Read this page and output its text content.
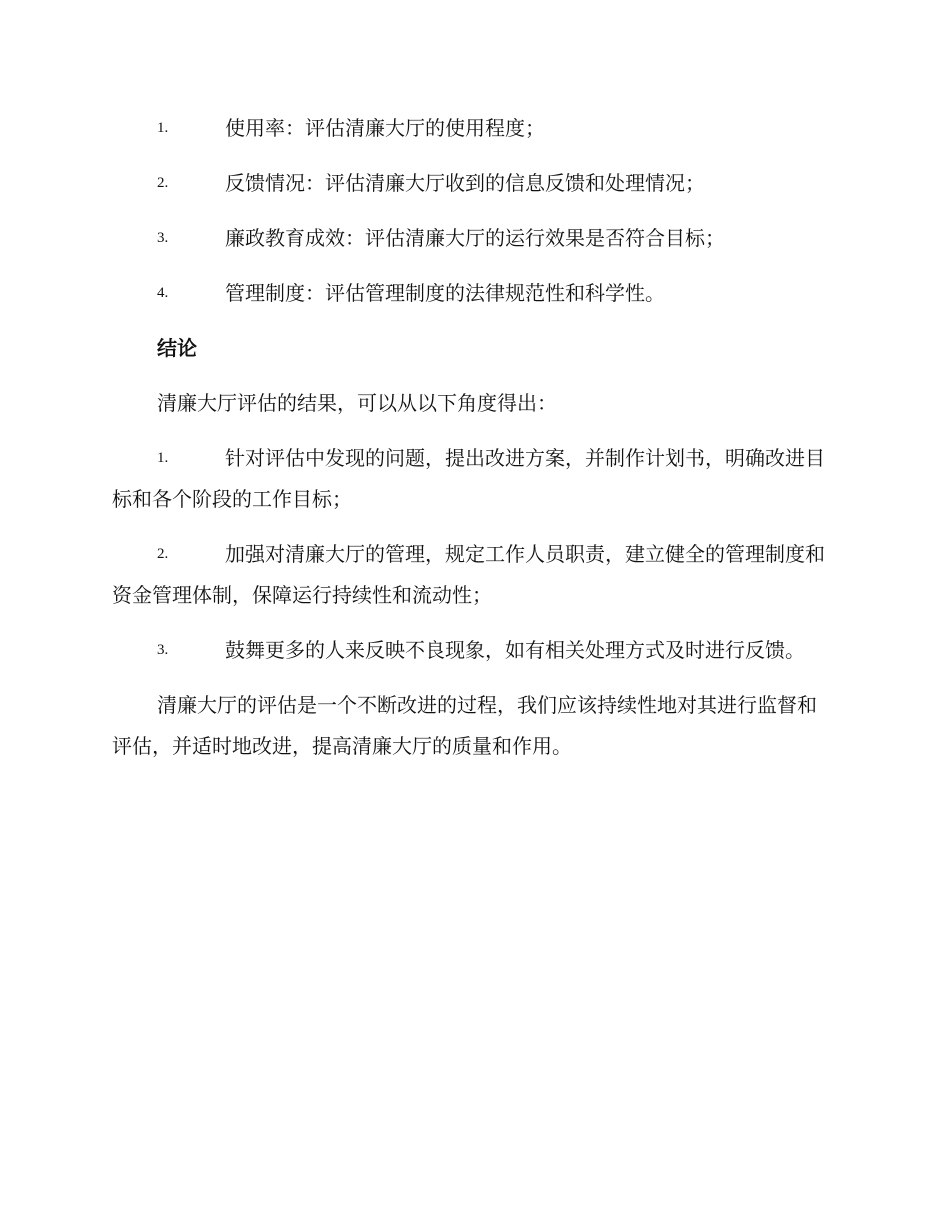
1.	使用率：评估清廉大厅的使用程度；
2.	反馈情况：评估清廉大厅收到的信息反馈和处理情况；
3.	廉政教育成效：评估清廉大厅的运行效果是否符合目标；
4.	管理制度：评估管理制度的法律规范性和科学性。
结论
清廉大厅评估的结果，可以从以下角度得出：
1.	针对评估中发现的问题，提出改进方案，并制作计划书，明确改进目标和各个阶段的工作目标；
2.	加强对清廉大厅的管理，规定工作人员职责，建立健全的管理制度和资金管理体制，保障运行持续性和流动性；
3.	鼓舞更多的人来反映不良现象，如有相关处理方式及时进行反馈。
清廉大厅的评估是一个不断改进的过程，我们应该持续性地对其进行监督和评估，并适时地改进，提高清廉大厅的质量和作用。
